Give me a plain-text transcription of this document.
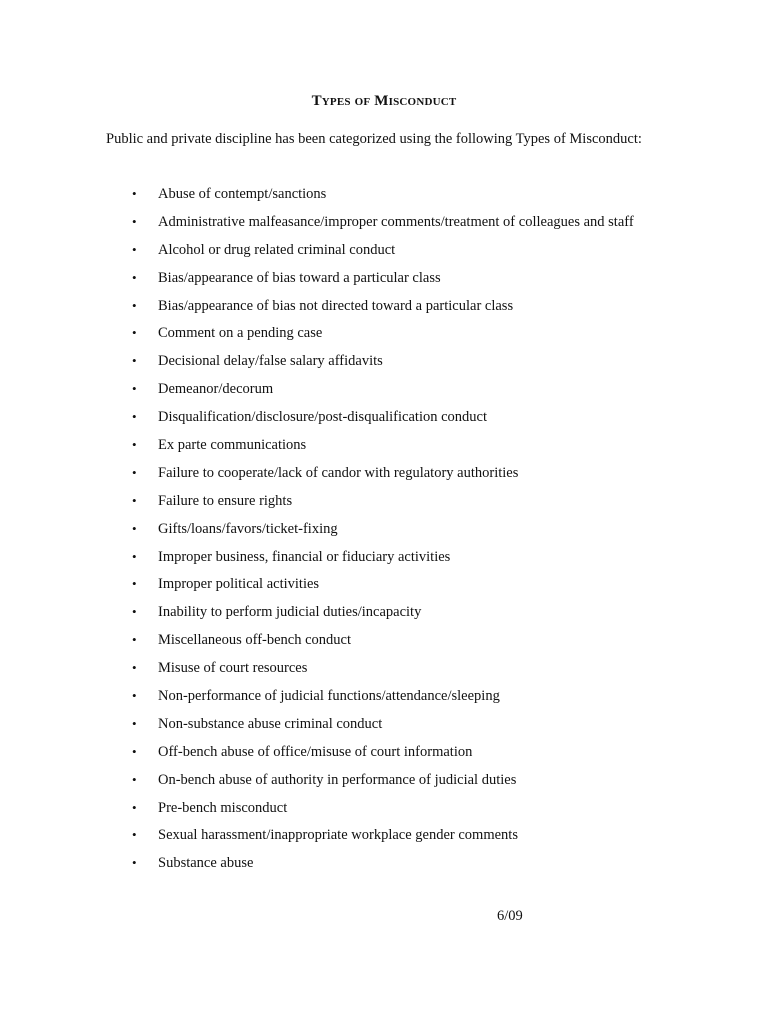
Types of Misconduct
Public and private discipline has been categorized using the following Types of Misconduct:
• Abuse of contempt/sanctions
• Administrative malfeasance/improper comments/treatment of colleagues and staff
• Alcohol or drug related criminal conduct
• Bias/appearance of bias toward a particular class
• Bias/appearance of bias not directed toward a particular class
• Comment on a pending case
• Decisional delay/false salary affidavits
• Demeanor/decorum
• Disqualification/disclosure/post-disqualification conduct
• Ex parte communications
• Failure to cooperate/lack of candor with regulatory authorities
• Failure to ensure rights
• Gifts/loans/favors/ticket-fixing
• Improper business, financial or fiduciary activities
• Improper political activities
• Inability to perform judicial duties/incapacity
• Miscellaneous off-bench conduct
• Misuse of court resources
• Non-performance of judicial functions/attendance/sleeping
• Non-substance abuse criminal conduct
• Off-bench abuse of office/misuse of court information
• On-bench abuse of authority in performance of judicial duties
• Pre-bench misconduct
• Sexual harassment/inappropriate workplace gender comments
• Substance abuse
6/09
